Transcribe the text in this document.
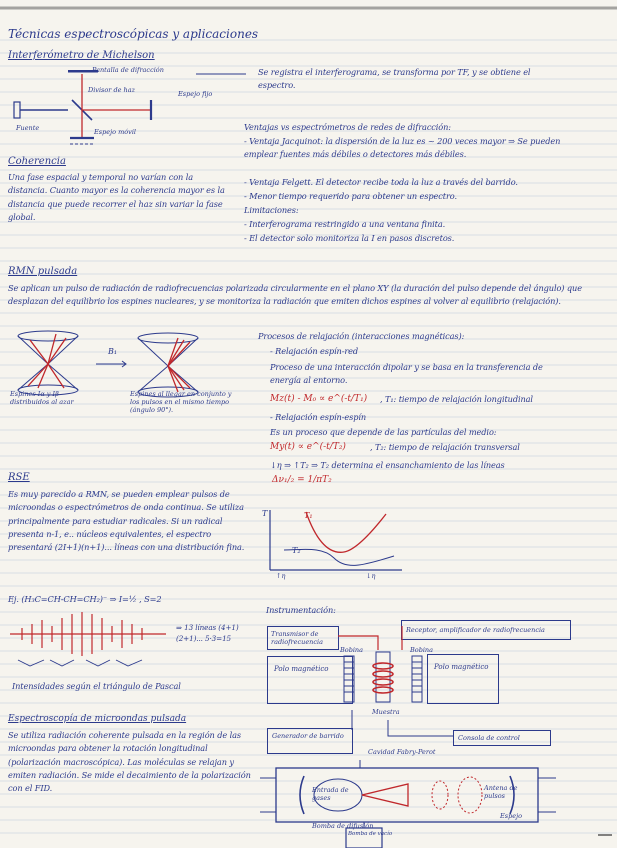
Técnicas espectroscópicas y aplicaciones
Interferómetro de Michelson
Pantalla de difracción
Divisor de haz	Espejo fijo
Fuente	Espejo móvil
Se registra el interferograma, se transforma por TF, y se obtiene el espectro.
Coherencia
Una fase espacial y temporal no varían con la distancia. Cuanto mayor es la coherencia mayor es la distancia que puede recorrer el haz sin variar la fase global.
Ventajas vs espectrómetros de redes de difracción:
- Ventaja Jacquinot: la dispersión de la luz es ~ 200 veces mayor ⇒ Se pueden emplear fuentes más débiles o detectores más débiles.
- Ventaja Felgett. El detector recibe toda la luz a través del barrido.
- Menor tiempo requerido para obtener un espectro.
Limitaciones:
- Interferograma restringido a una ventana finita.
- El detector solo monitoriza la I en pasos discretos.
RMN pulsada
Se aplican un pulso de radiación de radiofrecuencias polarizada circularmente en el plano XY (la duración del pulso depende del ángulo) que desplazan del equilibrio los espines nucleares, y se monitoriza la radiación que emiten dichos espines al volver al equilibrio (relajación).
B₁
Espines Iα y Iβ distribuidos al azar
Espines al llegar en conjunto y los pulsos en el mismo tiempo (ángulo 90°).
Procesos de relajación (interacciones magnéticas):
- Relajación espín-red
Proceso de una interacción dipolar y se basa en la transferencia de energía al entorno.
Mz(t) - M₀ ∝ e^(-t/T₁) , T₁: tiempo de relajación longitudinal
- Relajación espín-espín
Es un proceso que depende de las partículas del medio:
My(t) ∝ e^(-t/T₂)	, T₂: tiempo de relajación transversal
↓η ⇒ ↑T₂ ⇒ T₂ determina el ensanchamiento de las líneas
Δν₁/₂ = 1/πT₂
T	T₁
T₂
↑η	↓η
RSE
Es muy parecido a RMN, se pueden emplear pulsos de microondas o espectrómetros de onda continua. Se utiliza principalmente para estudiar radicales. Si un radical presenta n-1, e.. núcleos equivalentes, el espectro presentará (2I+1)(n+1)... líneas con una distribución fina.
Ej. (H₃C=CH-CH=CH₂)⁻ ⇒ I=½ , S=2
⇒ 13 líneas (4+1)(2+1)... 5·3=15
Intensidades según el triángulo de Pascal
Espectroscopía de microondas pulsada
Se utiliza radiación coherente pulsada en la región de las microondas para obtener la rotación longitudinal (polarización macroscópica). Las moléculas se relajan y emiten radiación. Se mide el decaimiento de la polarización con el FID.
Instrumentación:
Transmisor de radiofrecuencia
Receptor, amplificador de radiofrecuencia
Polo magnético	Polo magnético
Bobina	Bobina
Muestra
Generador de barrido	Consola de control
Cavidad Fabry-Perot
Entrada de gases
Antena de pulsos
Bomba de difusión
Espejo
Bomba de vacío
